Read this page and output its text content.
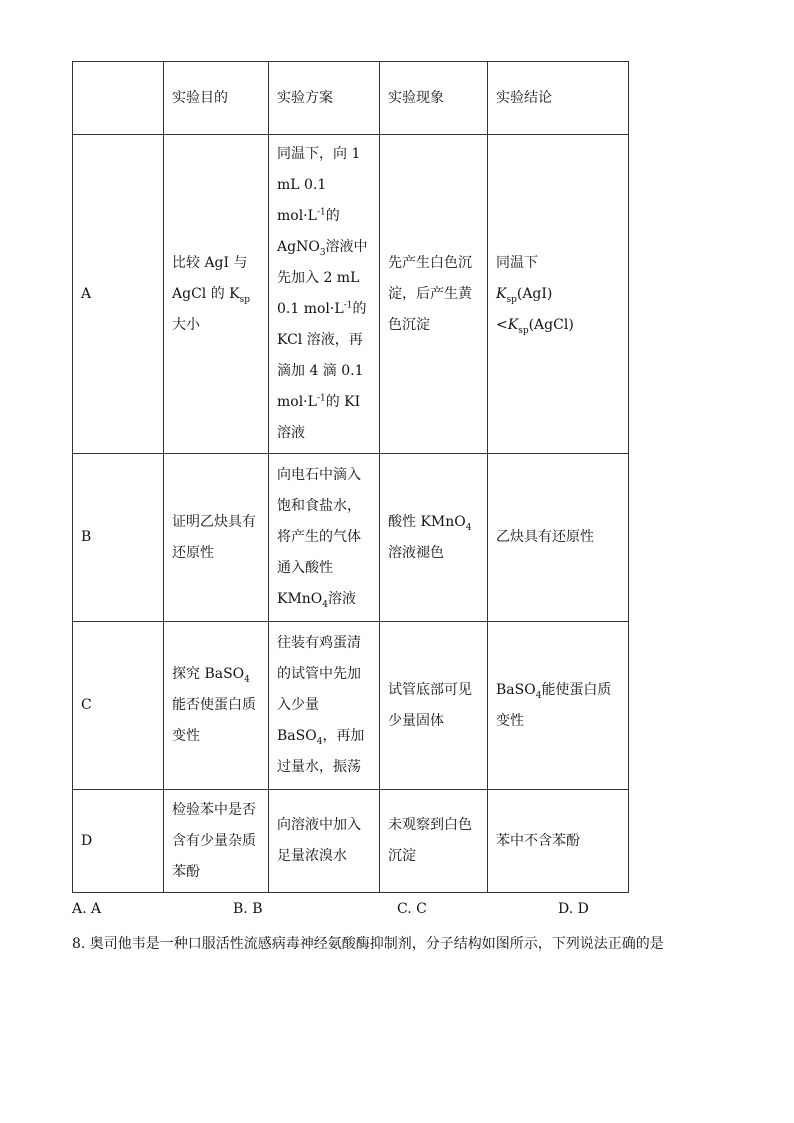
	实验目的	实验方案	实验现象	实验结论
A	比较 AgI 与 AgCl 的 $K_{sp}$大小	同温下，向 1 mL 0.1 $mol\cdot L^{-1}$的 AgNO$_3$溶液中先加入 2 mL 0.1 $mol\cdot L^{-1}$的 KCl 溶液，再滴加 4 滴 0.1 $mol\cdot L^{-1}$的 KI 溶液	先产生白色沉淀，后产生黄色沉淀	同温下
$K_{sp}(AgI)<K_{sp}(AgCl)$

B	证明乙炔具有还原性	向电石中滴入饱和食盐水，将产生的气体通入酸性 KMnO$_4$溶液	酸性 KMnO$_4$溶液褪色	乙炔具有还原性
C	探究 BaSO$_4$能否使蛋白质变性	往装有鸡蛋清的试管中先加入少量 BaSO$_4$，再加过量水，振荡	试管底部可见少量固体	BaSO$_4$能使蛋白质变性
D	检验苯中是否含有少量杂质苯酚	向溶液中加入足量浓溴水	未观察到白色沉淀	苯中不含苯酚
A. A	B. B	C. C	D. D
8. 奥司他韦是一种口服活性流感病毒神经氨酸酶抑制剂，分子结构如图所示，下列说法正确的是
